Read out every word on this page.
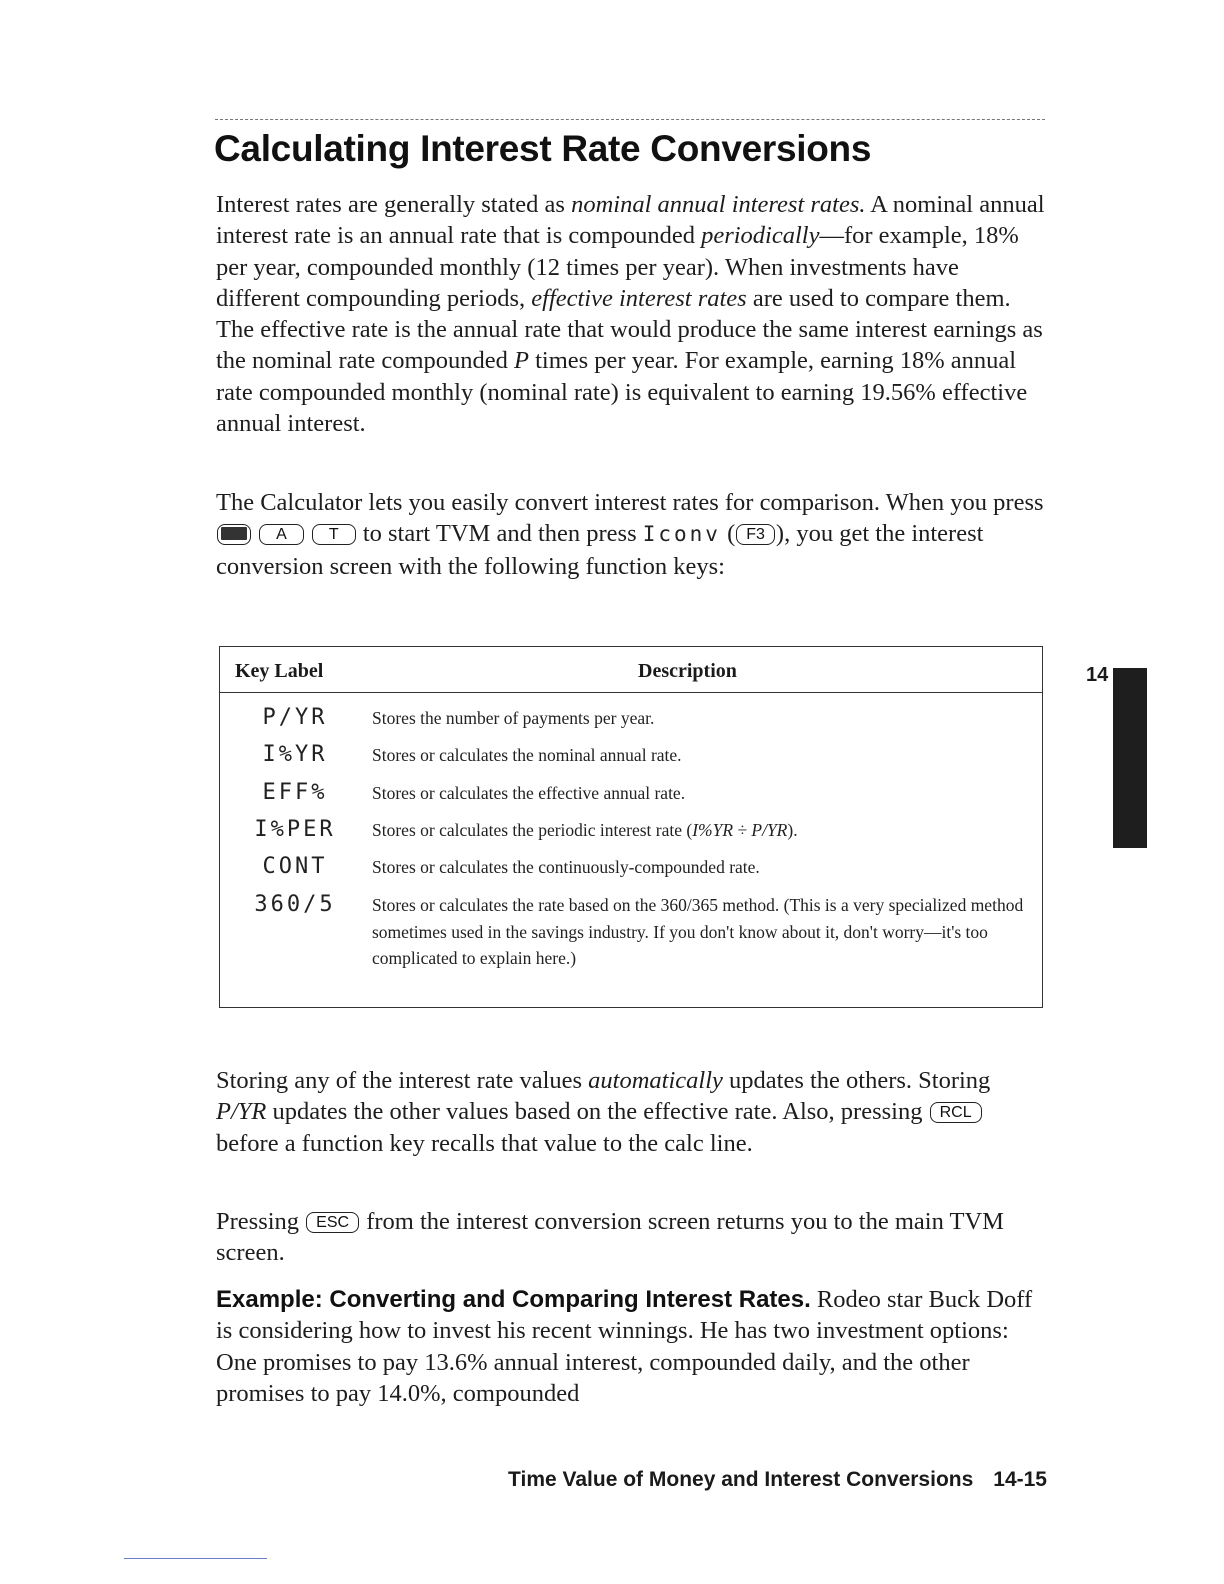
Calculating Interest Rate Conversions

Interest rates are generally stated as nominal annual interest rates. A nominal annual interest rate is an annual rate that is compounded periodically—for example, 18% per year, compounded monthly (12 times per year). When investments have different compounding periods, effective interest rates are used to compare them. The effective rate is the annual rate that would produce the same interest earnings as the nominal rate compounded P times per year. For example, earning 18% annual rate compounded monthly (nominal rate) is equivalent to earning 19.56% effective annual interest.

The Calculator lets you easily convert interest rates for comparison. When you press  A	T to start TVM and then press Iconv ( F3 ), you get the interest conversion screen with the following function keys:

Key Label	Description
P/YR	Stores the number of payments per year.
I%YR	Stores or calculates the nominal annual rate.
EFF%	Stores or calculates the effective annual rate.
I%PER	Stores or calculates the periodic interest rate (I%YR ÷ P/YR).
CONT	Stores or calculates the continuously-compounded rate.
360/5	Stores or calculates the rate based on the 360/365 method. (This is a very specialized method sometimes used in the savings industry. If you don't know about it, don't worry—it's too complicated to explain here.)
14

Storing any of the interest rate values automatically updates the others. Storing P/YR updates the other values based on the effective rate. Also, pressing RCL before a function key recalls that value to the calc line.

Pressing ESC from the interest conversion screen returns you to the main TVM screen.

Example: Converting and Comparing Interest Rates. Rodeo star Buck Doff is considering how to invest his recent winnings. He has two investment options: One promises to pay 13.6% annual interest, compounded daily, and the other promises to pay 14.0%, compounded

Time Value of Money and Interest Conversions 14-15
